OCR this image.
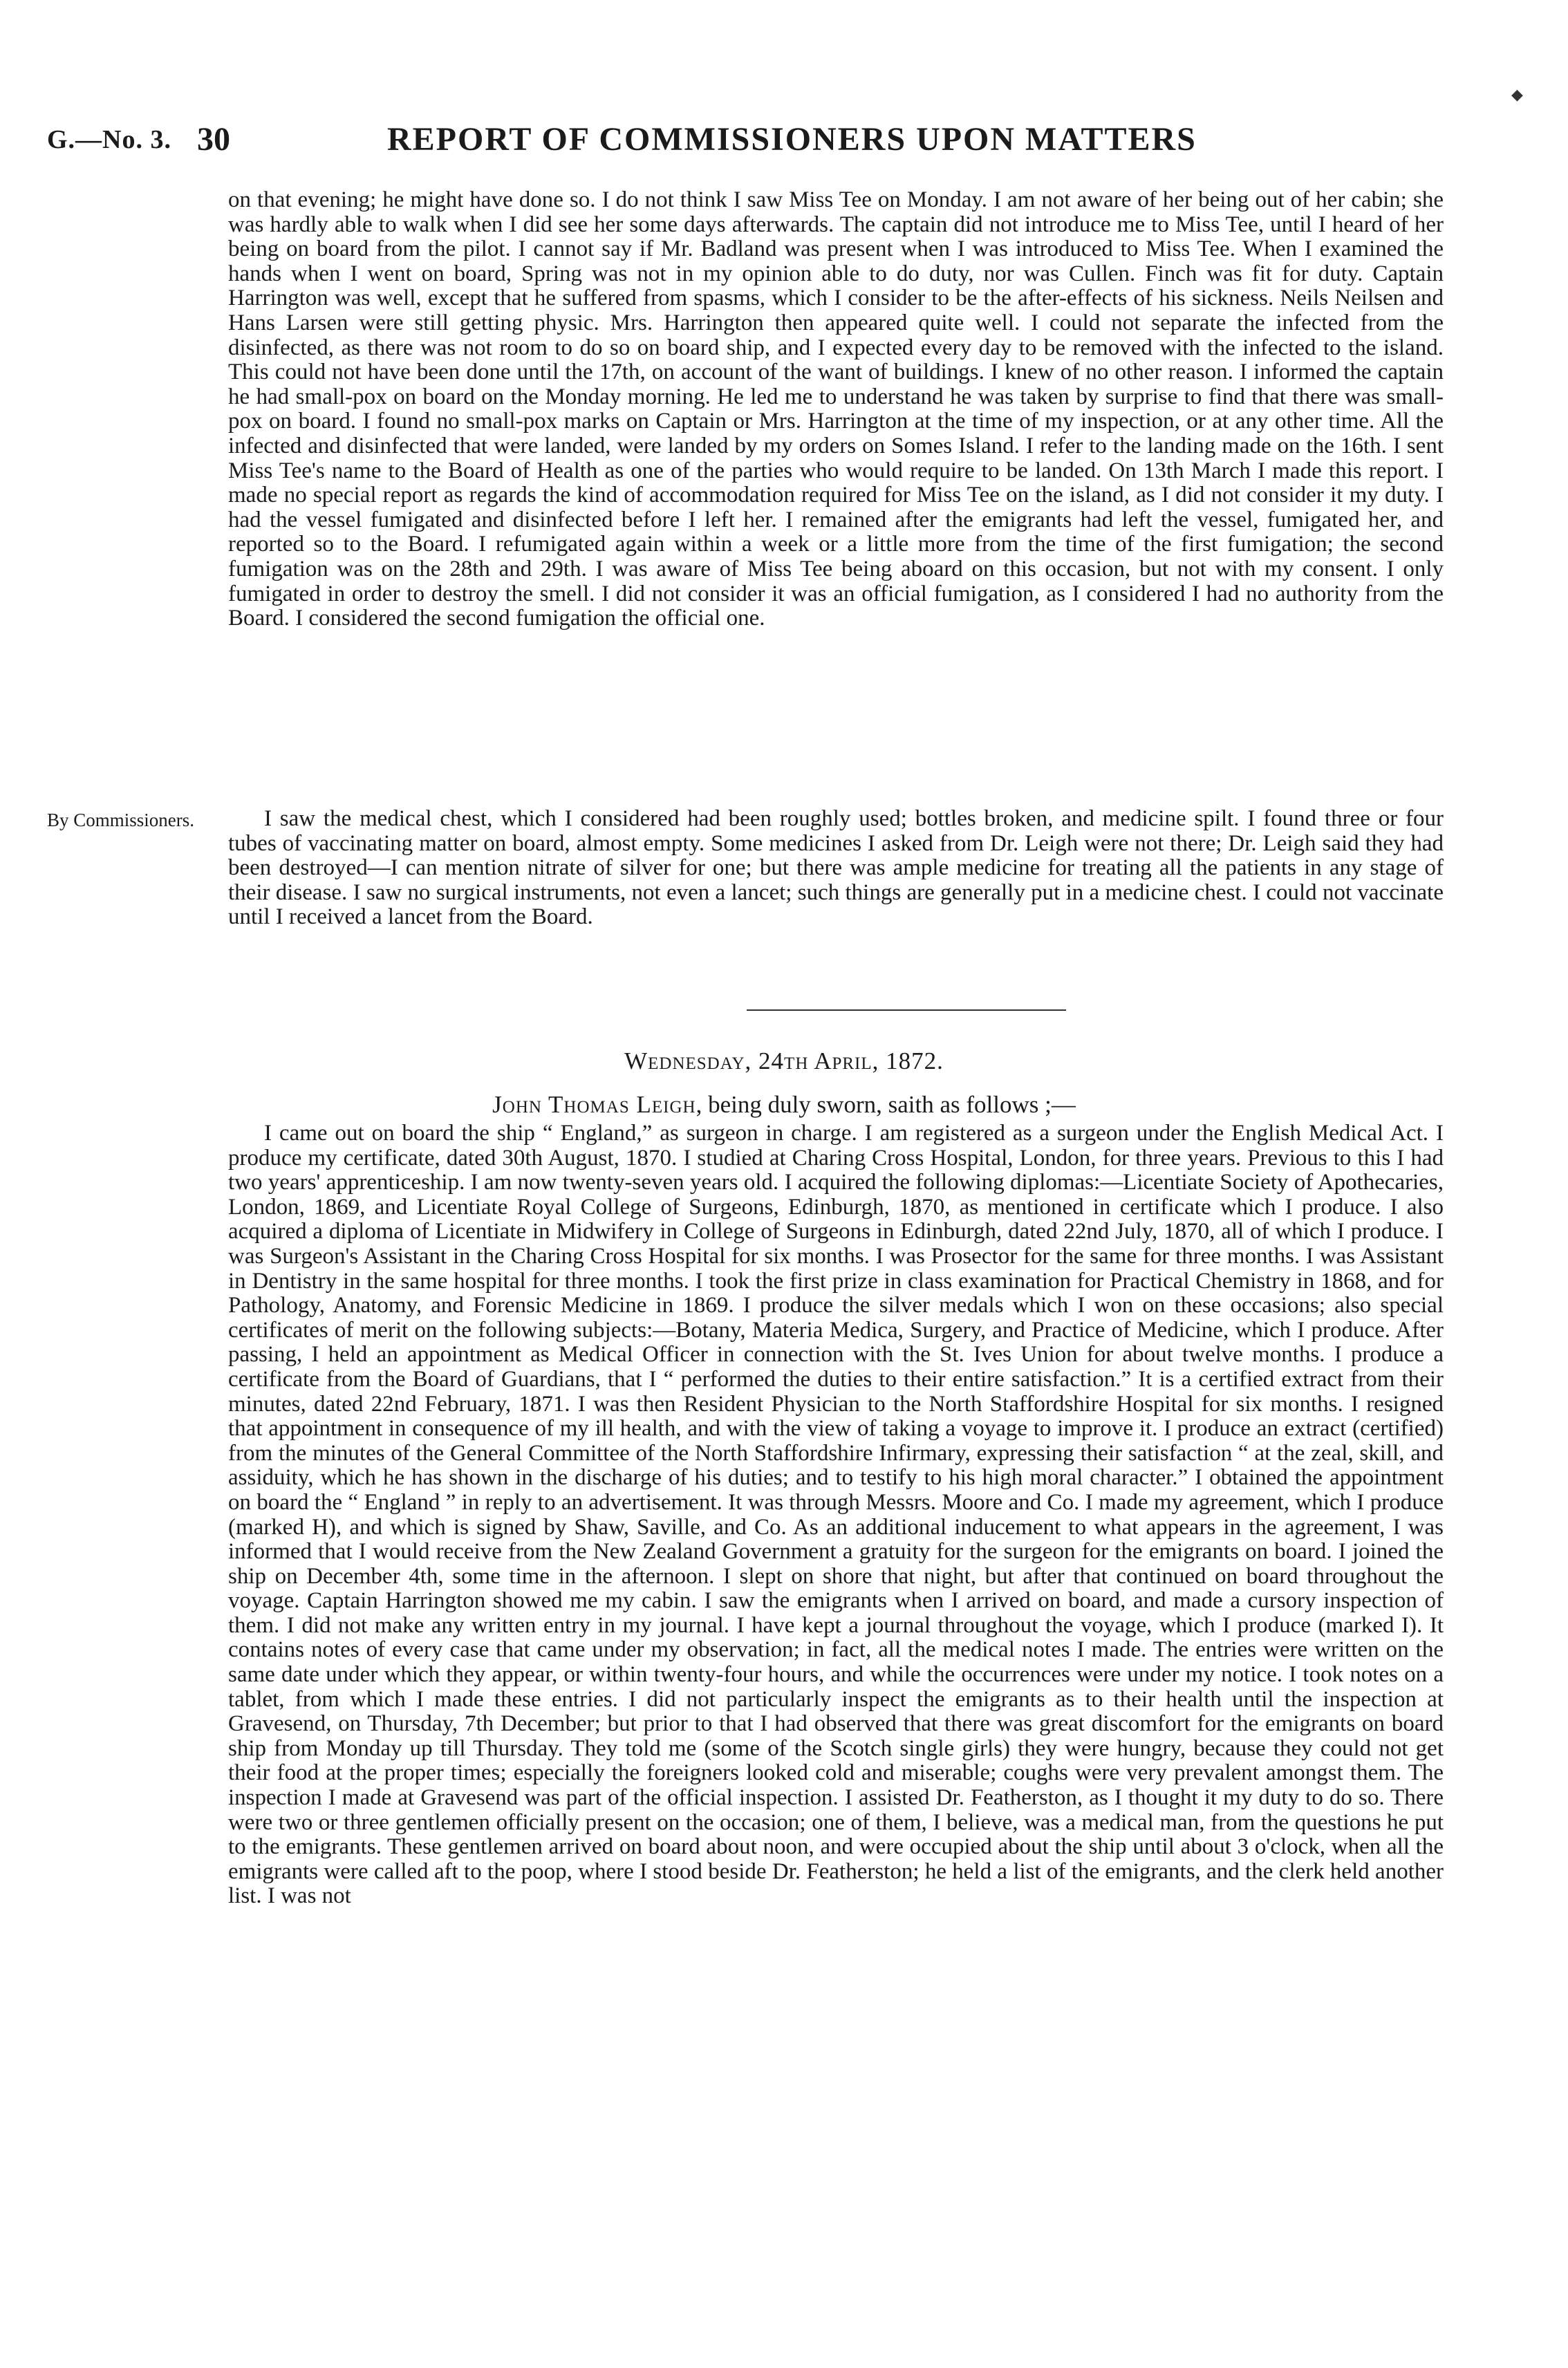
◆
G.—No. 3. 30	REPORT OF COMMISSIONERS UPON MATTERS

on that evening; he might have done so. I do not think I saw Miss Tee on Monday. I am not aware of her being out of her cabin; she was hardly able to walk when I did see her some days afterwards. The captain did not introduce me to Miss Tee, until I heard of her being on board from the pilot. I cannot say if Mr. Badland was present when I was introduced to Miss Tee. When I examined the hands when I went on board, Spring was not in my opinion able to do duty, nor was Cullen. Finch was fit for duty. Captain Harrington was well, except that he suffered from spasms, which I consider to be the after-effects of his sickness. Neils Neilsen and Hans Larsen were still getting physic. Mrs. Harrington then appeared quite well. I could not separate the infected from the disinfected, as there was not room to do so on board ship, and I expected every day to be removed with the infected to the island. This could not have been done until the 17th, on account of the want of buildings. I knew of no other reason. I informed the captain he had small-pox on board on the Monday morning. He led me to understand he was taken by surprise to find that there was small-pox on board. I found no small-pox marks on Captain or Mrs. Harrington at the time of my inspection, or at any other time. All the infected and disinfected that were landed, were landed by my orders on Somes Island. I refer to the landing made on the 16th. I sent Miss Tee's name to the Board of Health as one of the parties who would require to be landed. On 13th March I made this report. I made no special report as regards the kind of accommodation required for Miss Tee on the island, as I did not consider it my duty. I had the vessel fumigated and disinfected before I left her. I remained after the emigrants had left the vessel, fumigated her, and reported so to the Board. I refumigated again within a week or a little more from the time of the first fumigation; the second fumigation was on the 28th and 29th. I was aware of Miss Tee being aboard on this occasion, but not with my consent. I only fumigated in order to destroy the smell. I did not consider it was an official fumigation, as I considered I had no authority from the Board. I considered the second fumigation the official one.

By Commissioners.	I saw the medical chest, which I considered had been roughly used; bottles broken, and medicine spilt. I found three or four tubes of vaccinating matter on board, almost empty. Some medicines I asked from Dr. Leigh were not there; Dr. Leigh said they had been destroyed—I can mention nitrate of silver for one; but there was ample medicine for treating all the patients in any stage of their disease. I saw no surgical instruments, not even a lancet; such things are generally put in a medicine chest. I could not vaccinate until I received a lancet from the Board.

Wednesday, 24th April, 1872.
John Thomas Leigh, being duly sworn, saith as follows ;—

I came out on board the ship “ England,” as surgeon in charge. I am registered as a surgeon under the English Medical Act. I produce my certificate, dated 30th August, 1870. I studied at Charing Cross Hospital, London, for three years. Previous to this I had two years' apprenticeship. I am now twenty-seven years old. I acquired the following diplomas:—Licentiate Society of Apothecaries, London, 1869, and Licentiate Royal College of Surgeons, Edinburgh, 1870, as mentioned in certificate which I produce. I also acquired a diploma of Licentiate in Midwifery in College of Surgeons in Edinburgh, dated 22nd July, 1870, all of which I produce. I was Surgeon's Assistant in the Charing Cross Hospital for six months. I was Prosector for the same for three months. I was Assistant in Dentistry in the same hospital for three months. I took the first prize in class examination for Practical Chemistry in 1868, and for Pathology, Anatomy, and Forensic Medicine in 1869. I produce the silver medals which I won on these occasions; also special certificates of merit on the following subjects:—Botany, Materia Medica, Surgery, and Practice of Medicine, which I produce. After passing, I held an appointment as Medical Officer in connection with the St. Ives Union for about twelve months. I produce a certificate from the Board of Guardians, that I “ performed the duties to their entire satisfaction.” It is a certified extract from their minutes, dated 22nd February, 1871. I was then Resident Physician to the North Staffordshire Hospital for six months. I resigned that appointment in consequence of my ill health, and with the view of taking a voyage to improve it. I produce an extract (certified) from the minutes of the General Committee of the North Staffordshire Infirmary, expressing their satisfaction “ at the zeal, skill, and assiduity, which he has shown in the discharge of his duties; and to testify to his high moral character.” I obtained the appointment on board the “ England ” in reply to an advertisement. It was through Messrs. Moore and Co. I made my agreement, which I produce (marked H), and which is signed by Shaw, Saville, and Co. As an additional inducement to what appears in the agreement, I was informed that I would receive from the New Zealand Government a gratuity for the surgeon for the emigrants on board. I joined the ship on December 4th, some time in the afternoon. I slept on shore that night, but after that continued on board throughout the voyage. Captain Harrington showed me my cabin. I saw the emigrants when I arrived on board, and made a cursory inspection of them. I did not make any written entry in my journal. I have kept a journal throughout the voyage, which I produce (marked I). It contains notes of every case that came under my observation; in fact, all the medical notes I made. The entries were written on the same date under which they appear, or within twenty-four hours, and while the occurrences were under my notice. I took notes on a tablet, from which I made these entries. I did not particularly inspect the emigrants as to their health until the inspection at Gravesend, on Thursday, 7th December; but prior to that I had observed that there was great discomfort for the emigrants on board ship from Monday up till Thursday. They told me (some of the Scotch single girls) they were hungry, because they could not get their food at the proper times; especially the foreigners looked cold and miserable; coughs were very prevalent amongst them. The inspection I made at Gravesend was part of the official inspection. I assisted Dr. Featherston, as I thought it my duty to do so. There were two or three gentlemen officially present on the occasion; one of them, I believe, was a medical man, from the questions he put to the emigrants. These gentlemen arrived on board about noon, and were occupied about the ship until about 3 o'clock, when all the emigrants were called aft to the poop, where I stood beside Dr. Featherston; he held a list of the emigrants, and the clerk held another list. I was not
